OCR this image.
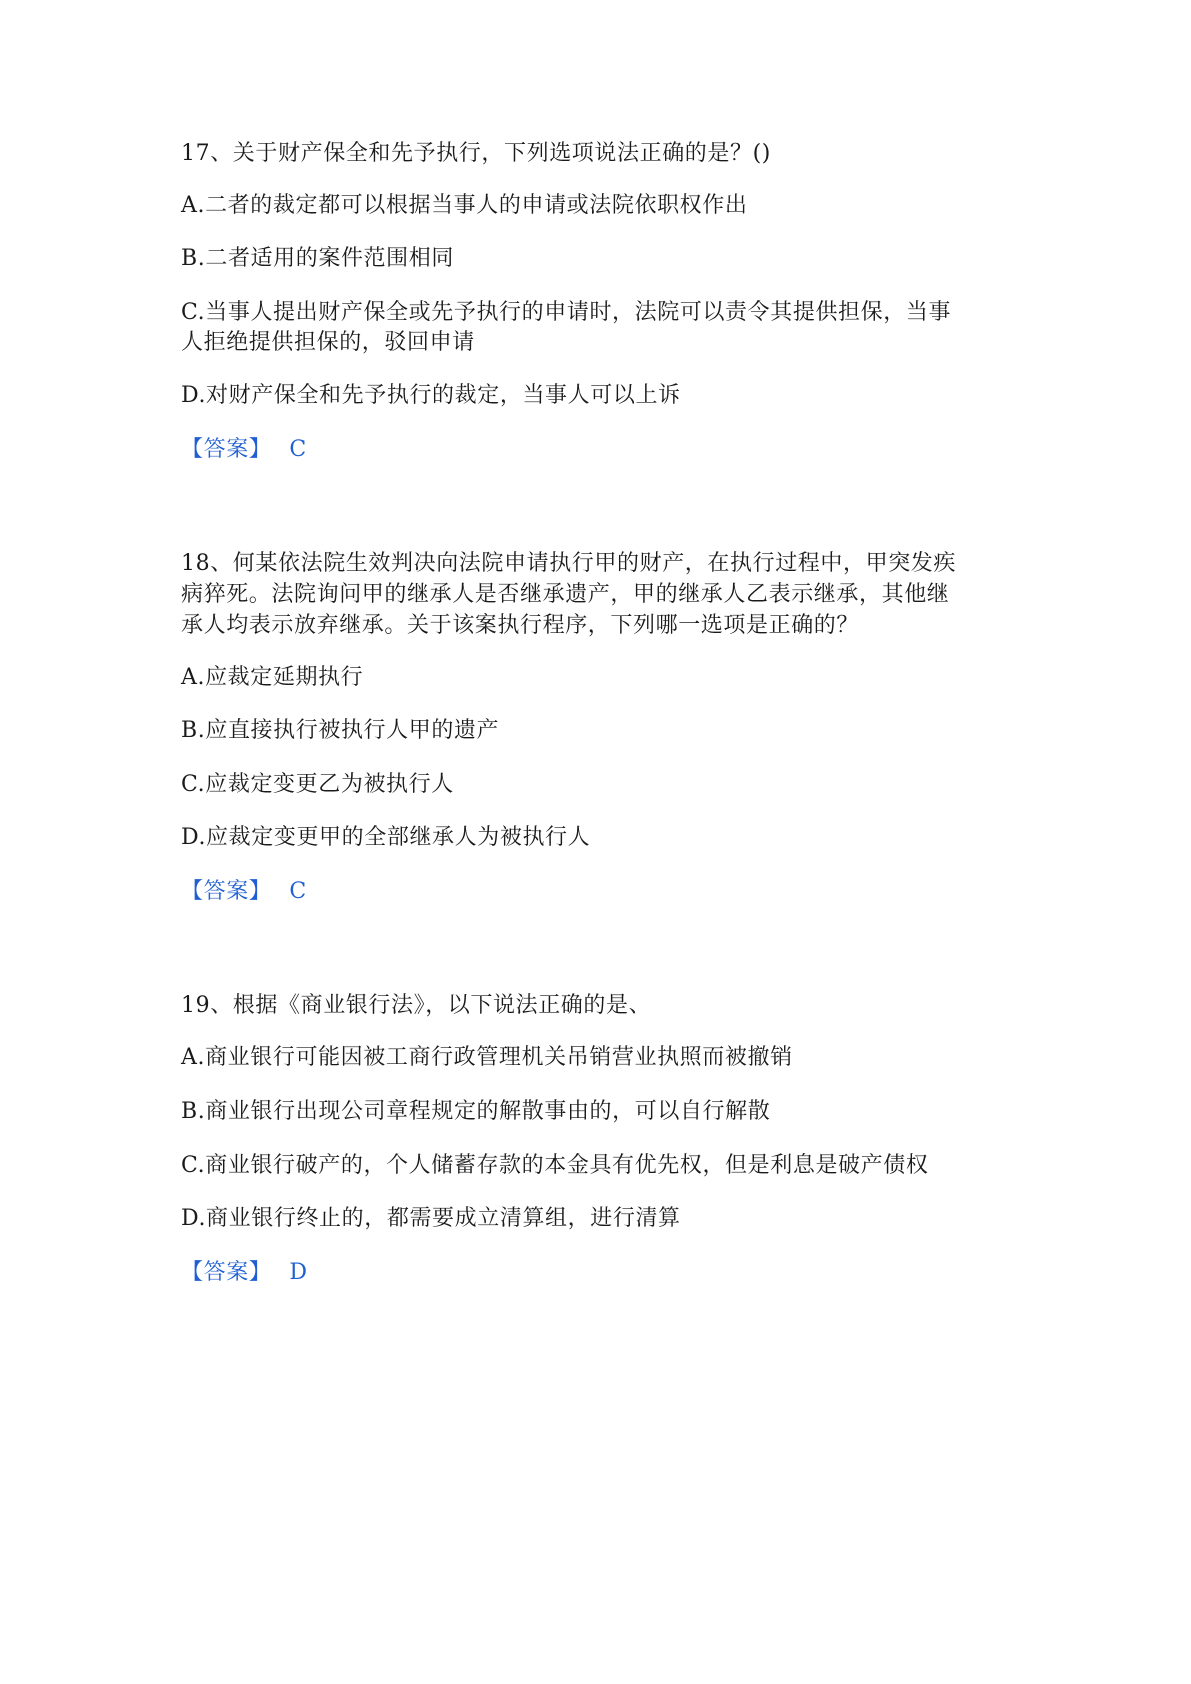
17、关于财产保全和先予执行，下列选项说法正确的是？()
A.二者的裁定都可以根据当事人的申请或法院依职权作出
B.二者适用的案件范围相同
C.当事人提出财产保全或先予执行的申请时，法院可以责令其提供担保，当事
人拒绝提供担保的，驳回申请
D.对财产保全和先予执行的裁定，当事人可以上诉
【答案】 C
18、何某依法院生效判决向法院申请执行甲的财产，在执行过程中，甲突发疾
病猝死。法院询问甲的继承人是否继承遗产，甲的继承人乙表示继承，其他继
承人均表示放弃继承。关于该案执行程序，下列哪一选项是正确的？
A.应裁定延期执行
B.应直接执行被执行人甲的遗产
C.应裁定变更乙为被执行人
D.应裁定变更甲的全部继承人为被执行人
【答案】 C
19、根据《商业银行法》，以下说法正确的是、
A.商业银行可能因被工商行政管理机关吊销营业执照而被撤销
B.商业银行出现公司章程规定的解散事由的，可以自行解散
C.商业银行破产的，个人储蓄存款的本金具有优先权，但是利息是破产债权
D.商业银行终止的，都需要成立清算组，进行清算
【答案】 D
